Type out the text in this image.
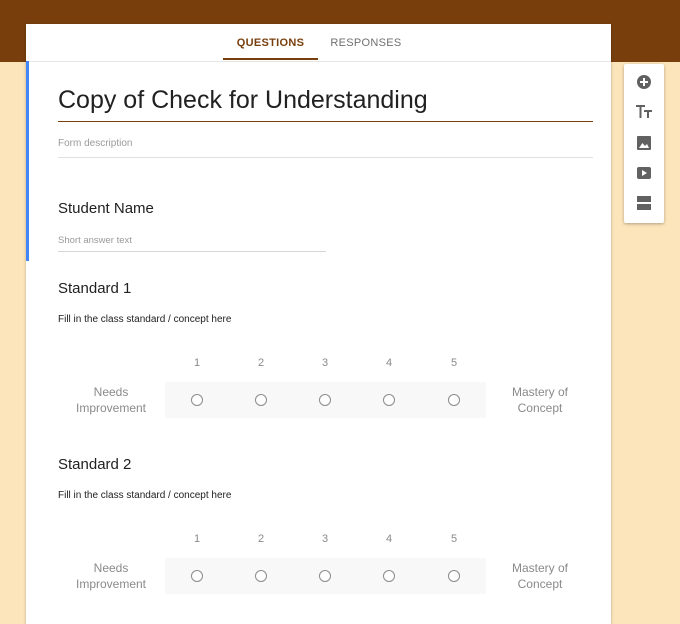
QUESTIONS	RESPONSES
Copy of Check for Understanding
Form description
Student Name
Short answer text
Standard 1
Fill in the class standard / concept here
1	2	3	4	5
Needs Improvement
Mastery of Concept
Standard 2
Fill in the class standard / concept here
1	2	3	4	5
Needs Improvement
Mastery of Concept
